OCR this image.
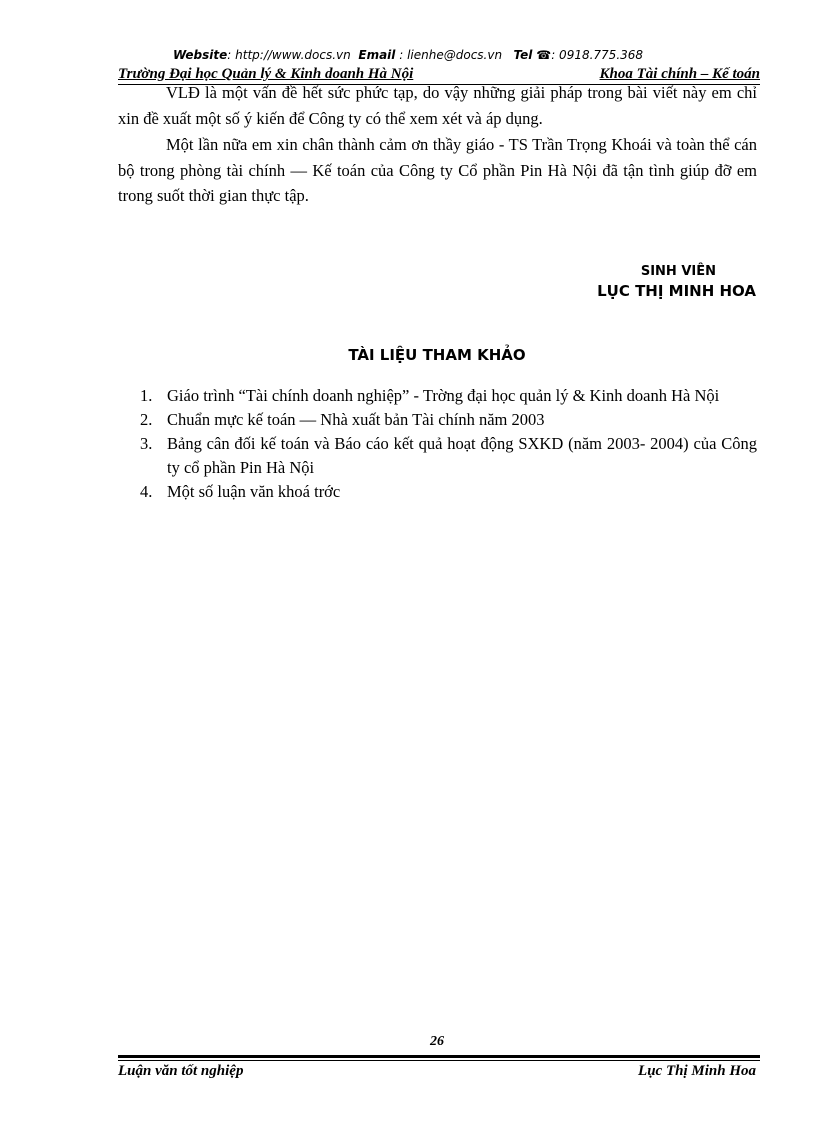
Website: http://www.docs.vn Email : lienhe@docs.vn Tel ☎: 0918.775.368
Trường Đại học Quản lý & Kinh doanh Hà Nội	Khoa Tài chính – Kế toán
VLĐ là một vấn đề hết sức phức tạp, do vậy những giải pháp trong bài viết này em chỉ xin đề xuất một số ý kiến để Công ty có thể xem xét và áp dụng.
Một lần nữa em xin chân thành cảm ơn thầy giáo - TS Trần Trọng Khoái và toàn thể cán bộ trong phòng tài chính — Kế toán của Công ty Cổ phần Pin Hà Nội đã tận tình giúp đỡ em trong suốt thời gian thực tập.
SINH VIÊN
LỤC THỊ MINH HOA
TÀI LIỆU THAM KHẢO
1. Giáo trình “Tài chính doanh nghiệp” - Trờng đại học quản lý & Kinh doanh Hà Nội
2. Chuẩn mực kế toán — Nhà xuất bản Tài chính năm 2003
3. Bảng cân đối kế toán và Báo cáo kết quả hoạt động SXKD (năm 2003- 2004) của Công ty cổ phần Pin Hà Nội
4. Một số luận văn khoá trớc
26
Luận văn tốt nghiệp	Lục Thị Minh Hoa
